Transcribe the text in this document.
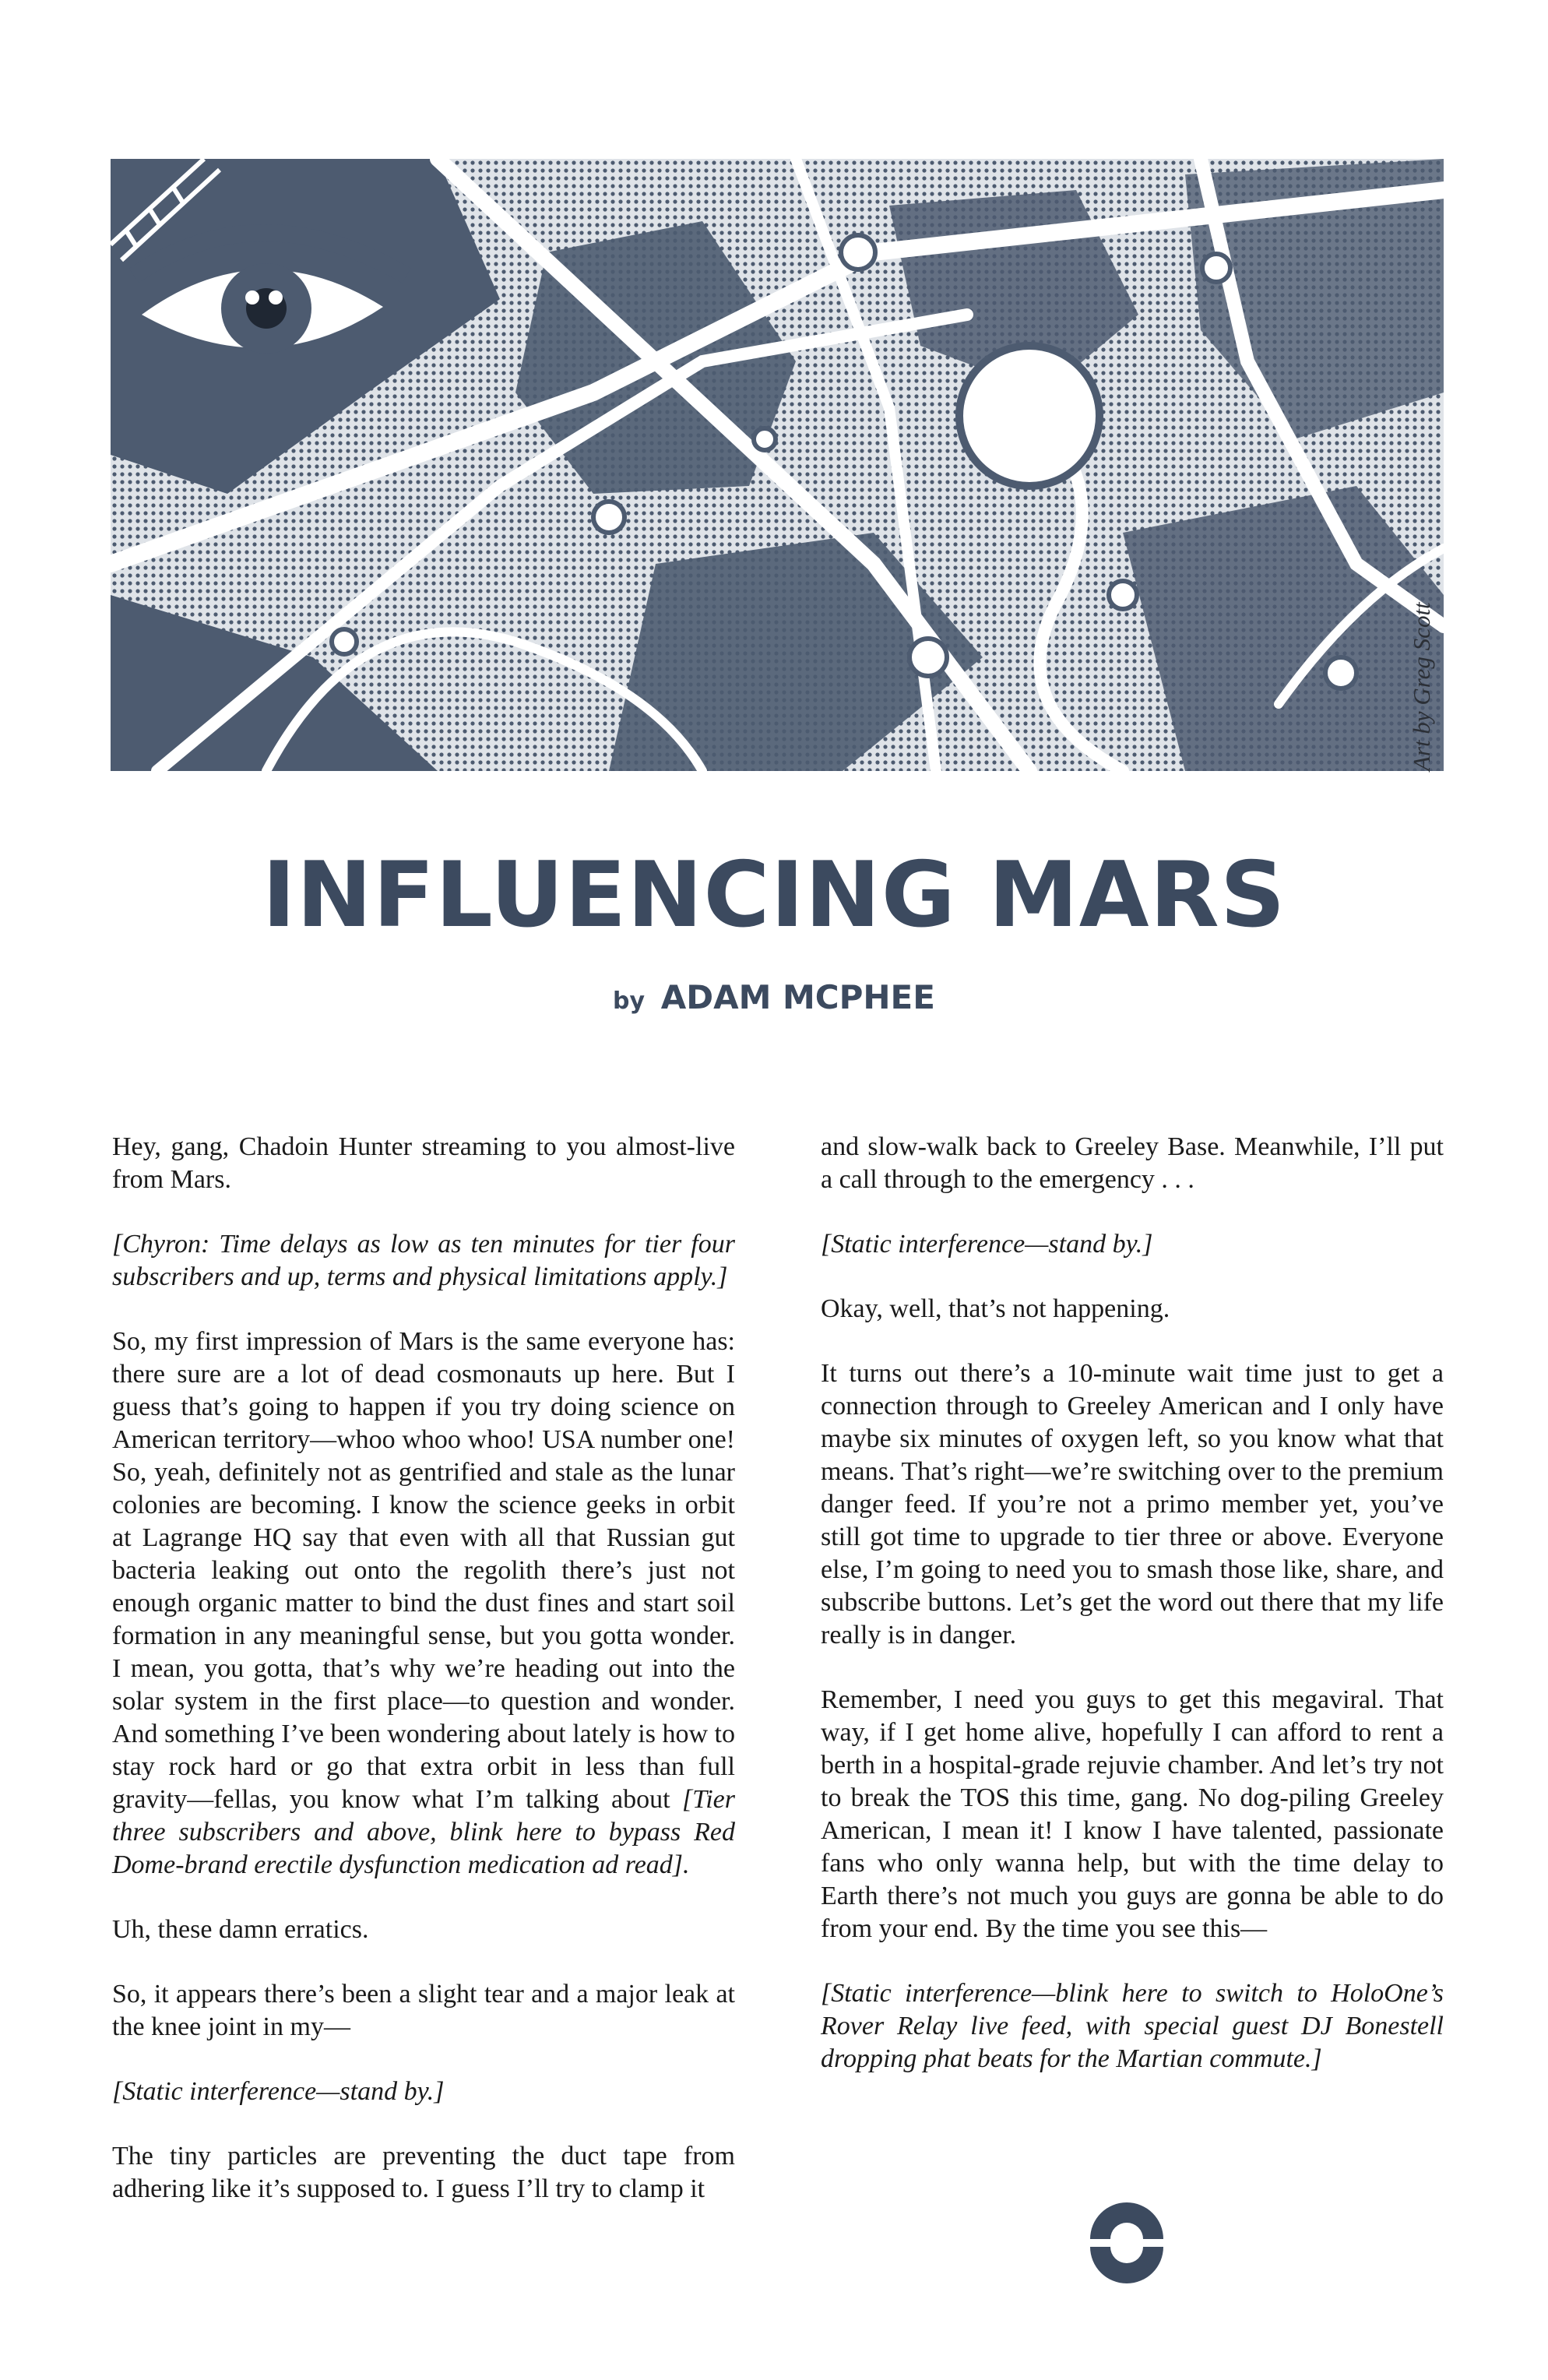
Art by Greg Scott
INFLUENCING MARS
by ADAM MCPHEE

Hey, gang, Chadoin Hunter streaming to you almost-live from Mars.

[Chyron: Time delays as low as ten minutes for tier four subscribers and up, terms and physical limitations apply.]

So, my first impression of Mars is the same everyone has: there sure are a lot of dead cosmonauts up here. But I guess that’s going to happen if you try doing science on American territory—whoo whoo whoo! USA number one! So, yeah, definitely not as gentrified and stale as the lunar colonies are becoming. I know the science geeks in orbit at Lagrange HQ say that even with all that Russian gut bacteria leaking out onto the regolith there’s just not enough organic matter to bind the dust fines and start soil formation in any meaningful sense, but you gotta wonder. I mean, you gotta, that’s why we’re heading out into the solar system in the first place—to question and wonder. And something I’ve been wondering about lately is how to stay rock hard or go that extra orbit in less than full gravity—fellas, you know what I’m talking about [Tier three subscribers and above, blink here to bypass Red Dome-brand erectile dysfunction medication ad read].

Uh, these damn erratics.

So, it appears there’s been a slight tear and a major leak at the knee joint in my—

[Static interference—stand by.]

The tiny particles are preventing the duct tape from adhering like it’s supposed to. I guess I’ll try to clamp it

and slow-walk back to Greeley Base. Meanwhile, I’ll put a call through to the emergency . . .

[Static interference—stand by.]

Okay, well, that’s not happening.

It turns out there’s a 10-minute wait time just to get a connection through to Greeley American and I only have maybe six minutes of oxygen left, so you know what that means. That’s right—we’re switching over to the premium danger feed. If you’re not a primo member yet, you’ve still got time to upgrade to tier three or above. Everyone else, I’m going to need you to smash those like, share, and subscribe buttons. Let’s get the word out there that my life really is in danger.

Remember, I need you guys to get this megaviral. That way, if I get home alive, hopefully I can afford to rent a berth in a hospital-grade rejuvie chamber. And let’s try not to break the TOS this time, gang. No dog-piling Greeley American, I mean it! I know I have talented, passionate fans who only wanna help, but with the time delay to Earth there’s not much you guys are gonna be able to do from your end. By the time you see this—

[Static interference—blink here to switch to HoloOne’s Rover Relay live feed, with special guest DJ Bonestell dropping phat beats for the Martian commute.]
